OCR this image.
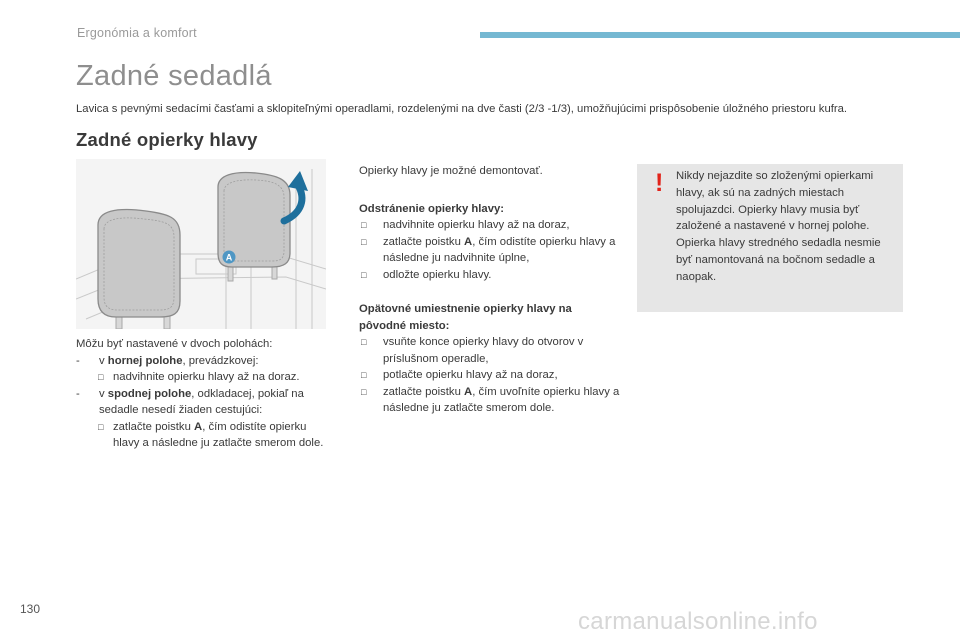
Ergonómia a komfort
Zadné sedadlá

Lavica s pevnými sedacími časťami a sklopiteľnými operadlami, rozdelenými na dve časti (2/3 -1/3), umožňujúcimi prispôsobenie úložného priestoru kufra.

Zadné opierky hlavy
A

Môžu byť nastavené v dvoch polohách:

- v hornej polohe, prevádzkovej:
□ nadvihnite opierku hlavy až na doraz.
- v spodnej polohe, odkladacej, pokiaľ na sedadle nesedí žiaden cestujúci:
□ zatlačte poistku A, čím odistíte opierku hlavy a následne ju zatlačte smerom dole.

Opierky hlavy je možné demontovať.

Odstránenie opierky hlavy:

□ nadvihnite opierku hlavy až na doraz,
□ zatlačte poistku A, čím odistíte opierku hlavy a následne ju nadvihnite úplne,
□ odložte opierku hlavy.

Opätovné umiestnenie opierky hlavy na pôvodné miesto:

□ vsuňte konce opierky hlavy do otvorov v príslušnom operadle,
□ potlačte opierku hlavy až na doraz,
□ zatlačte poistku A, čím uvoľníte opierku hlavy a následne ju zatlačte smerom dole.
! Nikdy nejazdite so zloženými opierkami hlavy, ak sú na zadných miestach spolujazdci. Opierky hlavy musia byť založené a nastavené v hornej polohe. Opierka hlavy stredného sedadla nesmie byť namontovaná na bočnom sedadle a naopak.

130	carmanualsonline.info
